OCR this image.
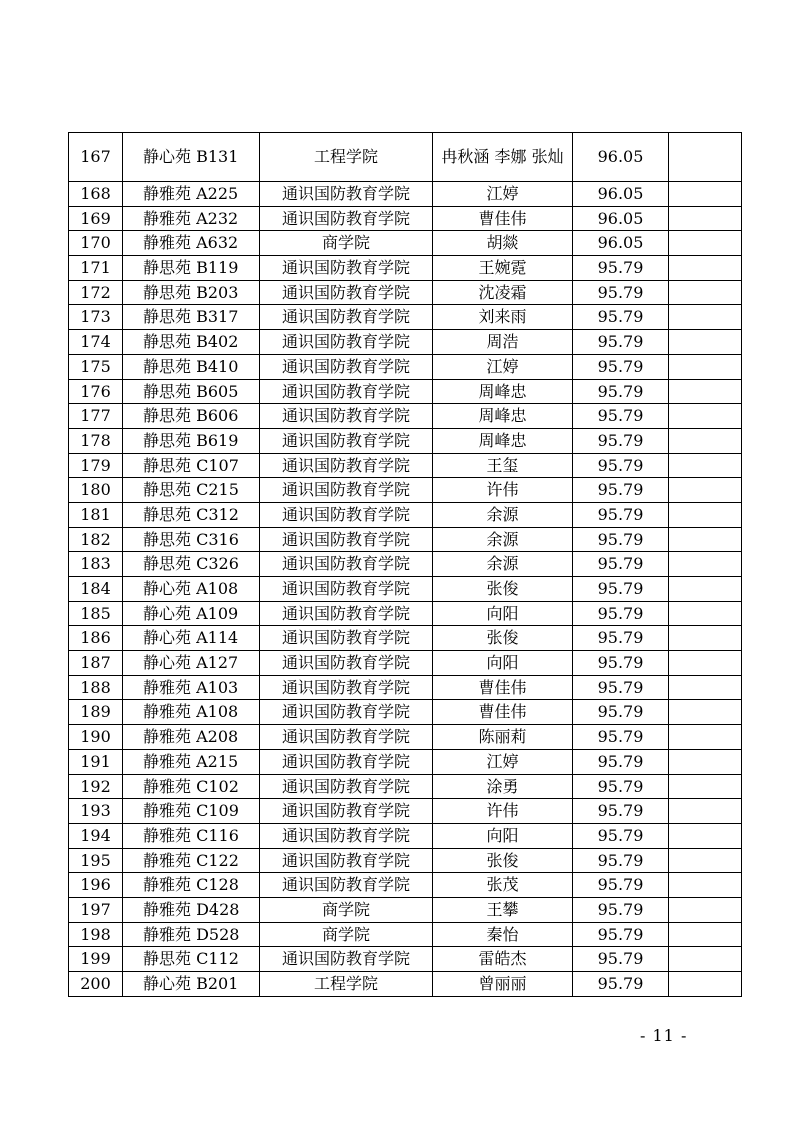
167	静心苑 B131	工程学院	冉秋涵 李娜 张灿	96.05	
168	静雅苑 A225	通识国防教育学院	江婷	96.05	
169	静雅苑 A232	通识国防教育学院	曹佳伟	96.05	
170	静雅苑 A632	商学院	胡燚	96.05	
171	静思苑 B119	通识国防教育学院	王婉霓	95.79	
172	静思苑 B203	通识国防教育学院	沈凌霜	95.79	
173	静思苑 B317	通识国防教育学院	刘来雨	95.79	
174	静思苑 B402	通识国防教育学院	周浩	95.79	
175	静思苑 B410	通识国防教育学院	江婷	95.79	
176	静思苑 B605	通识国防教育学院	周峰忠	95.79	
177	静思苑 B606	通识国防教育学院	周峰忠	95.79	
178	静思苑 B619	通识国防教育学院	周峰忠	95.79	
179	静思苑 C107	通识国防教育学院	王玺	95.79	
180	静思苑 C215	通识国防教育学院	许伟	95.79	
181	静思苑 C312	通识国防教育学院	余源	95.79	
182	静思苑 C316	通识国防教育学院	余源	95.79	
183	静思苑 C326	通识国防教育学院	余源	95.79	
184	静心苑 A108	通识国防教育学院	张俊	95.79	
185	静心苑 A109	通识国防教育学院	向阳	95.79	
186	静心苑 A114	通识国防教育学院	张俊	95.79	
187	静心苑 A127	通识国防教育学院	向阳	95.79	
188	静雅苑 A103	通识国防教育学院	曹佳伟	95.79	
189	静雅苑 A108	通识国防教育学院	曹佳伟	95.79	
190	静雅苑 A208	通识国防教育学院	陈丽莉	95.79	
191	静雅苑 A215	通识国防教育学院	江婷	95.79	
192	静雅苑 C102	通识国防教育学院	涂勇	95.79	
193	静雅苑 C109	通识国防教育学院	许伟	95.79	
194	静雅苑 C116	通识国防教育学院	向阳	95.79	
195	静雅苑 C122	通识国防教育学院	张俊	95.79	
196	静雅苑 C128	通识国防教育学院	张茂	95.79	
197	静雅苑 D428	商学院	王攀	95.79	
198	静雅苑 D528	商学院	秦怡	95.79	
199	静思苑 C112	通识国防教育学院	雷皓杰	95.79	
200	静心苑 B201	工程学院	曾丽丽	95.79	
- 11 -
